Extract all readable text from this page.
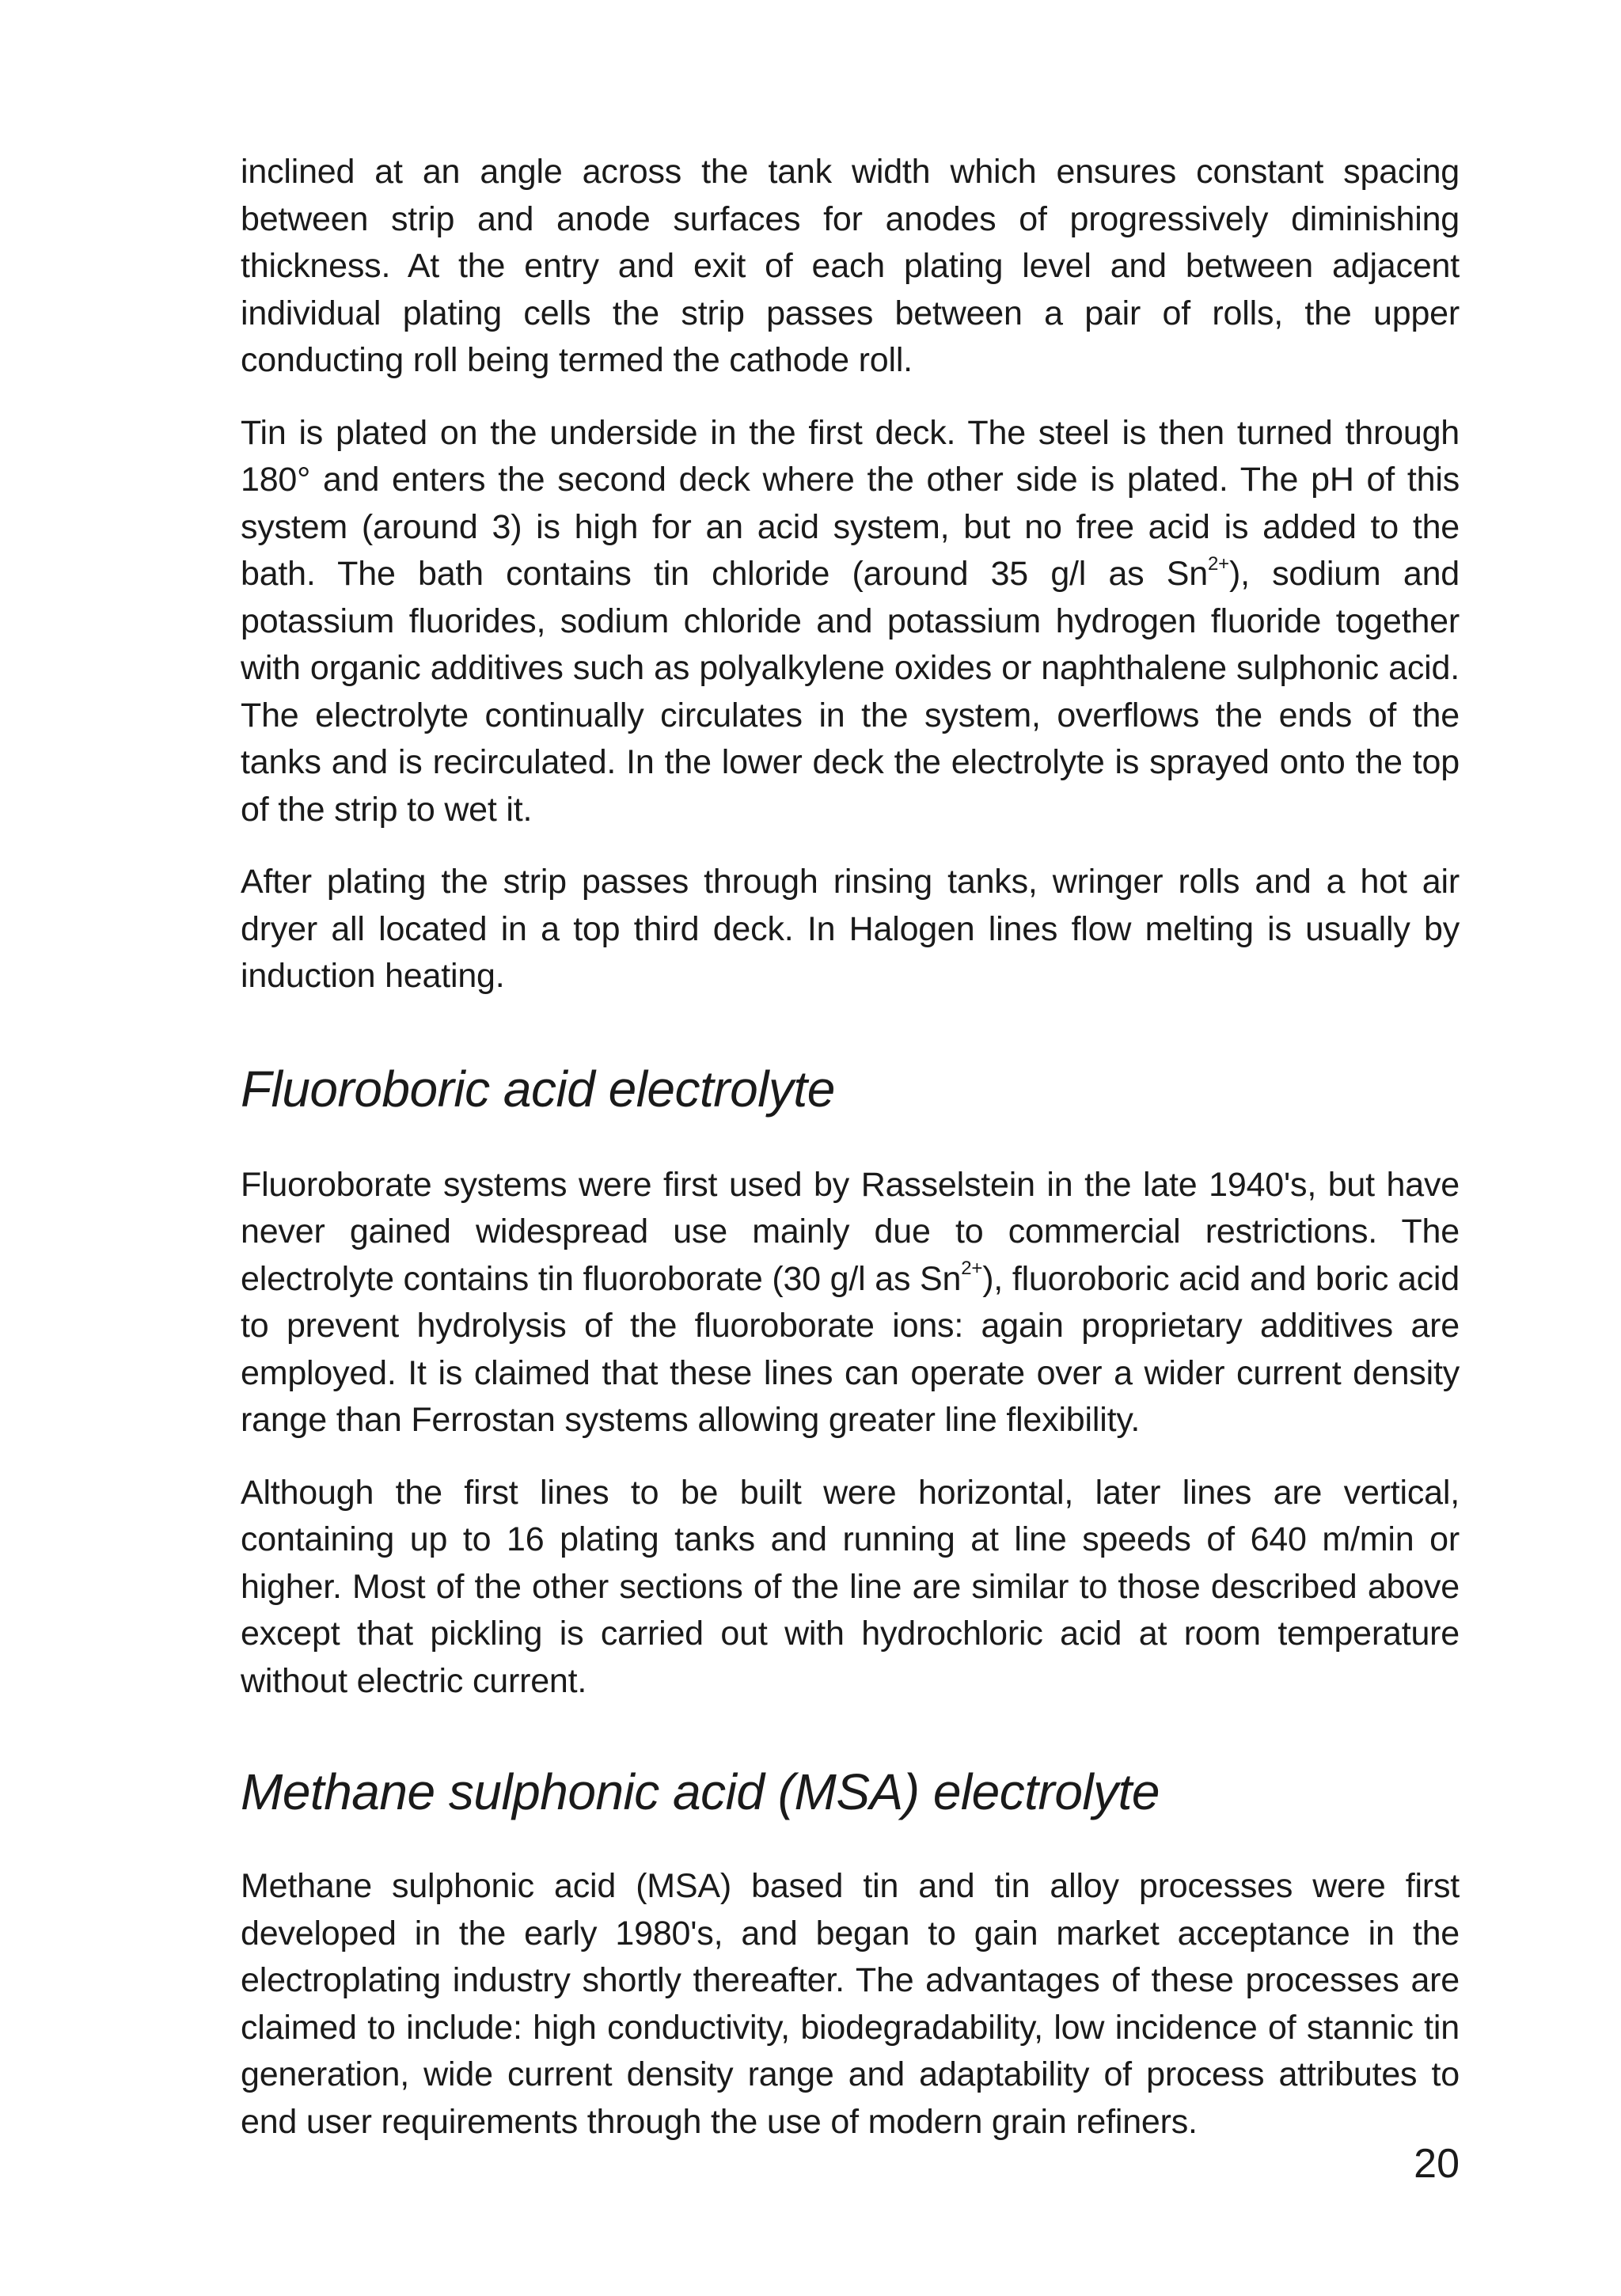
inclined at an angle across the tank width which ensures constant spacing between strip and anode surfaces for anodes of progressively diminishing thickness. At the entry and exit of each plating level and between adjacent individual plating cells the strip passes between a pair of rolls, the upper conducting roll being termed the cathode roll.

Tin is plated on the underside in the first deck. The steel is then turned through 180° and enters the second deck where the other side is plated. The pH of this system (around 3) is high for an acid system, but no free acid is added to the bath. The bath contains tin chloride (around 35 g/l as $Sn^{2+}$), sodium and potassium fluorides, sodium chloride and potassium hydrogen fluoride together with organic additives such as polyalkylene oxides or naphthalene sulphonic acid. The electrolyte continually circulates in the system, overflows the ends of the tanks and is recirculated. In the lower deck the electrolyte is sprayed onto the top of the strip to wet it.

After plating the strip passes through rinsing tanks, wringer rolls and a hot air dryer all located in a top third deck. In Halogen lines flow melting is usually by induction heating.

Fluoroboric acid electrolyte

Fluoroborate systems were first used by Rasselstein in the late 1940's, but have never gained widespread use mainly due to commercial restrictions. The electrolyte contains tin fluoroborate (30 g/l as $Sn^{2+}$), fluoroboric acid and boric acid to prevent hydrolysis of the fluoroborate ions: again proprietary additives are employed. It is claimed that these lines can operate over a wider current density range than Ferrostan systems allowing greater line flexibility.

Although the first lines to be built were horizontal, later lines are vertical, containing up to 16 plating tanks and running at line speeds of 640 m/min or higher. Most of the other sections of the line are similar to those described above except that pickling is carried out with hydrochloric acid at room temperature without electric current.

Methane sulphonic acid (MSA) electrolyte

Methane sulphonic acid (MSA) based tin and tin alloy processes were first developed in the early 1980's, and began to gain market acceptance in the electroplating industry shortly thereafter. The advantages of these processes are claimed to include: high conductivity, biodegradability, low incidence of stannic tin generation, wide current density range and adaptability of process attributes to end user requirements through the use of modern grain refiners.

20
